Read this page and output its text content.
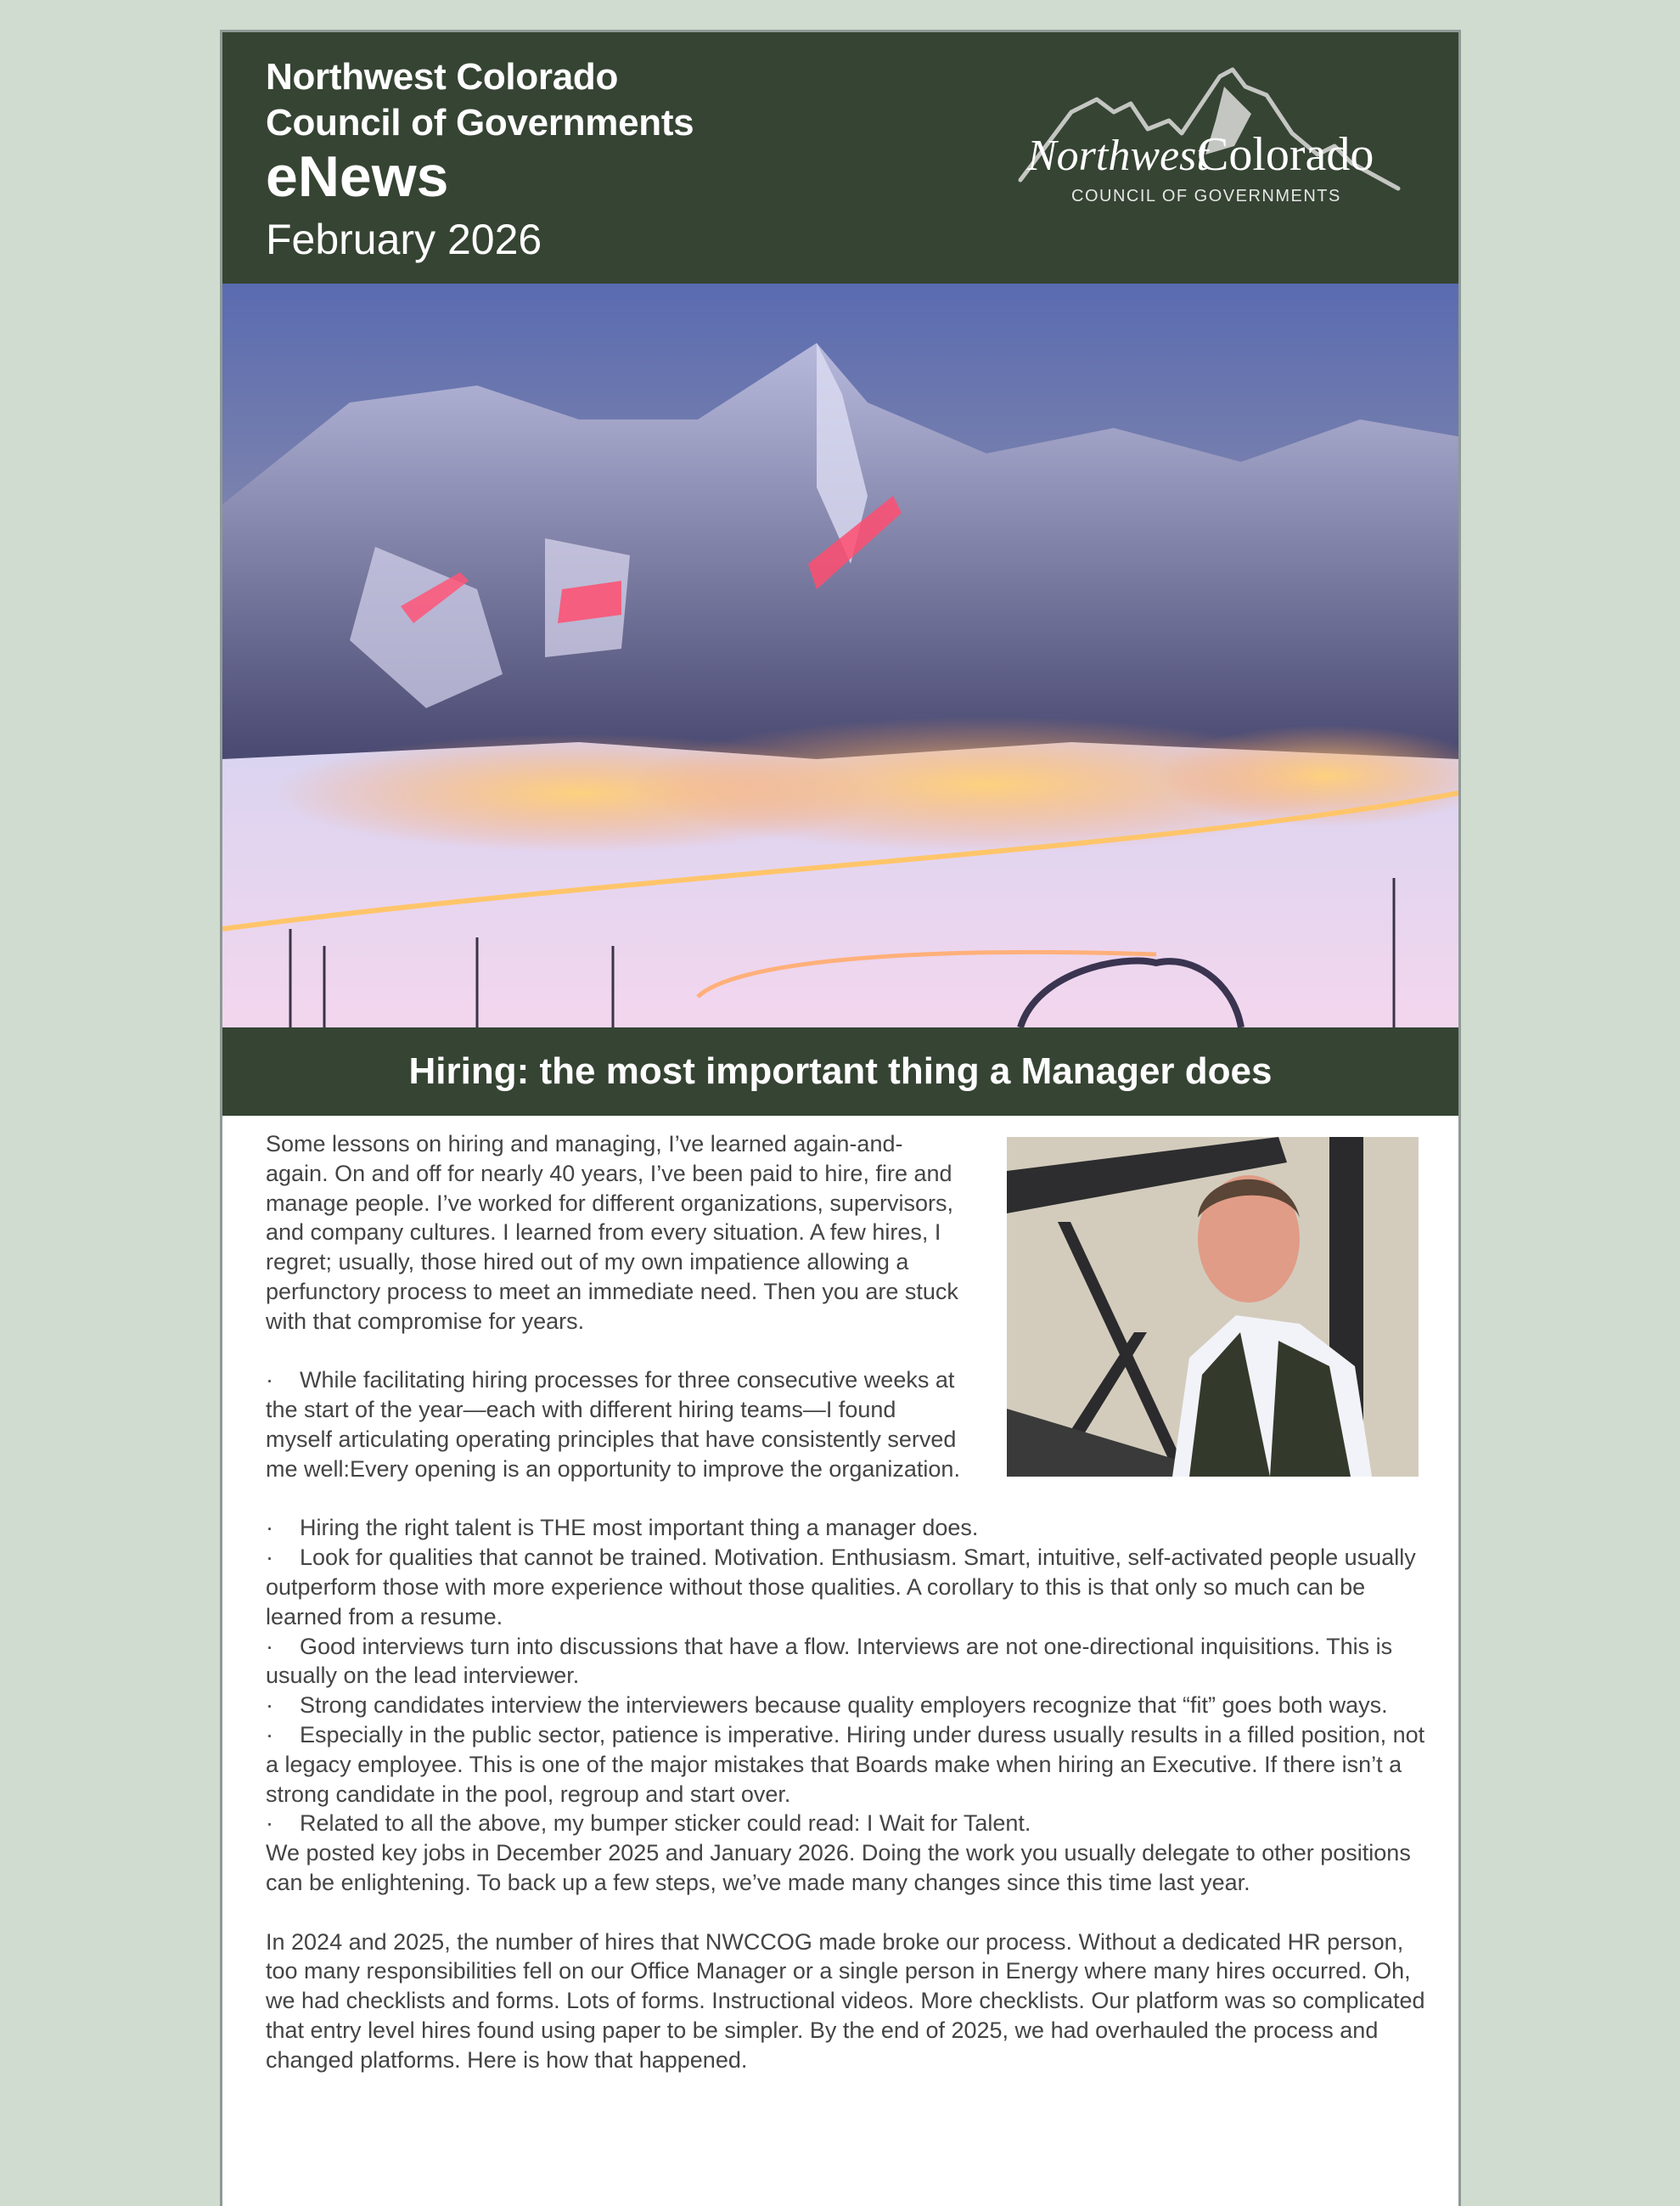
Northwest Colorado
Council of Governments
eNews
February 2026
Northwest
Colorado
COUNCIL OF GOVERNMENTS
Hiring: the most important thing a Manager does

Some lessons on hiring and managing, I’ve learned again-and-again. On and off for nearly 40 years, I’ve been paid to hire, fire and manage people. I’ve worked for different organizations, supervisors, and company cultures. I learned from every situation. A few hires, I regret; usually, those hired out of my own impatience allowing a perfunctory process to meet an immediate need. Then you are stuck with that compromise for years.

· While facilitating hiring processes for three consecutive weeks at the start of the year—each with different hiring teams—I found myself articulating operating principles that have consistently served me well:Every opening is an opportunity to improve the organization.

· Hiring the right talent is THE most important thing a manager does.

· Look for qualities that cannot be trained. Motivation. Enthusiasm. Smart, intuitive, self-activated people usually outperform those with more experience without those qualities. A corollary to this is that only so much can be learned from a resume.

· Good interviews turn into discussions that have a flow. Interviews are not one-directional inquisitions. This is usually on the lead interviewer.

· Strong candidates interview the interviewers because quality employers recognize that “fit” goes both ways.

· Especially in the public sector, patience is imperative. Hiring under duress usually results in a filled position, not a legacy employee. This is one of the major mistakes that Boards make when hiring an Executive. If there isn’t a strong candidate in the pool, regroup and start over.

· Related to all the above, my bumper sticker could read: I Wait for Talent.

We posted key jobs in December 2025 and January 2026. Doing the work you usually delegate to other positions can be enlightening. To back up a few steps, we’ve made many changes since this time last year.

In 2024 and 2025, the number of hires that NWCCOG made broke our process. Without a dedicated HR person, too many responsibilities fell on our Office Manager or a single person in Energy where many hires occurred. Oh, we had checklists and forms. Lots of forms. Instructional videos. More checklists. Our platform was so complicated that entry level hires found using paper to be simpler. By the end of 2025, we had overhauled the process and changed platforms. Here is how that happened.
